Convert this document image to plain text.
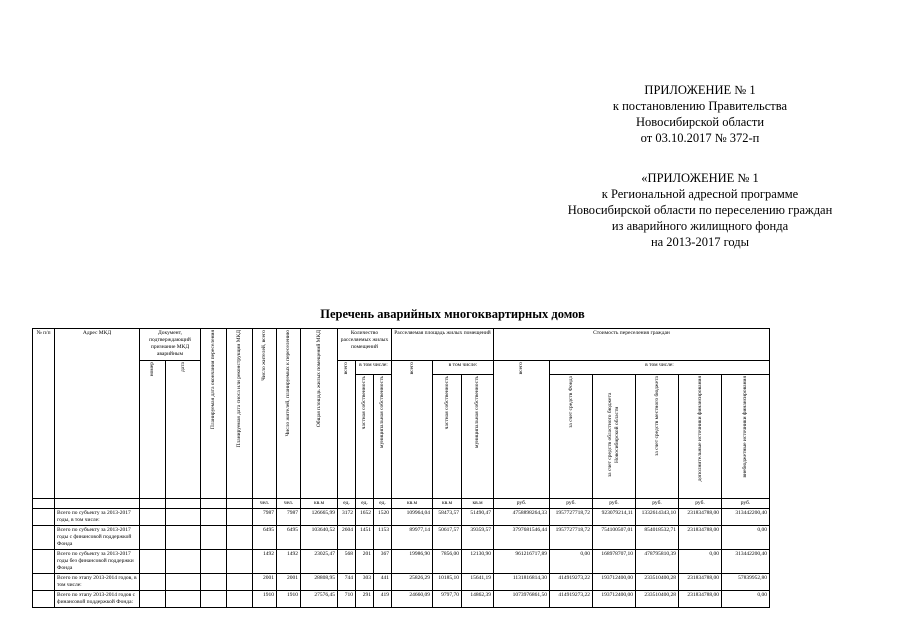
ПРИЛОЖЕНИЕ № 1
к постановлению Правительства
Новосибирской области
от 03.10.2017 № 372-п
«ПРИЛОЖЕНИЕ № 1
к Региональной адресной программе
Новосибирской области по переселению граждан
из аварийного жилищного фонда
на 2013-2017 годы
Перечень аварийных многоквартирных домов
№ п/п	Адрес МКД	Документ, подтверждающий признание МКД аварийным		Планируемая дата окончания переселения	Планируемая дата сноса или реконструкции МКД	Число жителей, всего	Число жителей, планируемых к переселению	Общая площадь жилых помещений МКД	Количество расселяемых жилых помещений			Расселяемая площадь жилых помещений			Стоимость переселения граждан					
		номер	дата						всего	в том числе:		всего	в том числе:		всего	в том числе:				
										частная собственность	муниципальная собственность		частная собственность	муниципальная собственность		за счет средств Фонда	за счет средств областного бюджета Новосибирской области	за счет средств местного бюджета	дополнительные источники финансирования	внебюджетные источники финансирования
						чел.	чел.	кв.м	ед.	ед.	ед.	кв.м	кв.м	кв.м	руб.	руб.	руб.	руб.	руб.	руб.
	Всего по субъекту за 2013-2017 годы, в том числе:					7987	7987	126665,99	3172	1652	1520	109964,04	58473,57	51490,47	4758898264,33	1957727718,72	923079214,11	1332614343,10	231834788,00	313442200,40
	Всего по субъекту за 2013-2017 годы с финансовой поддержкой Фонда					6495	6495	103640,52	2604	1451	1153	89977,14	50617,57	39359,57	3797681546,44	1957727718,72	754100507,01	854018532,71	231834788,00	0,00
	Всего по субъекту за 2013-2017 годы без финансовой поддержки Фонда					1492	1492	23025,47	568	201	367	19986,90	7856,00	12130,90	961216717,89	0,00	168978707,10	478795810,39	0,00	313442200,40
	Всего по этапу 2013-2014 годов, в том числе:					2001	2001	28808,95	744	303	441	25826,29	10185,10	15641,19	1131816814,30	414919273,22	193712400,00	233510400,28	231834788,00	57839952,80
	Всего по этапу 2013-2014 годов с финансовой поддержкой Фонда:					1910	1910	27576,45	710	291	419	24660,09	9797,70	14862,39	1073976861,50	414919273,22	193712400,00	233510400,28	231834788,00	0,00
